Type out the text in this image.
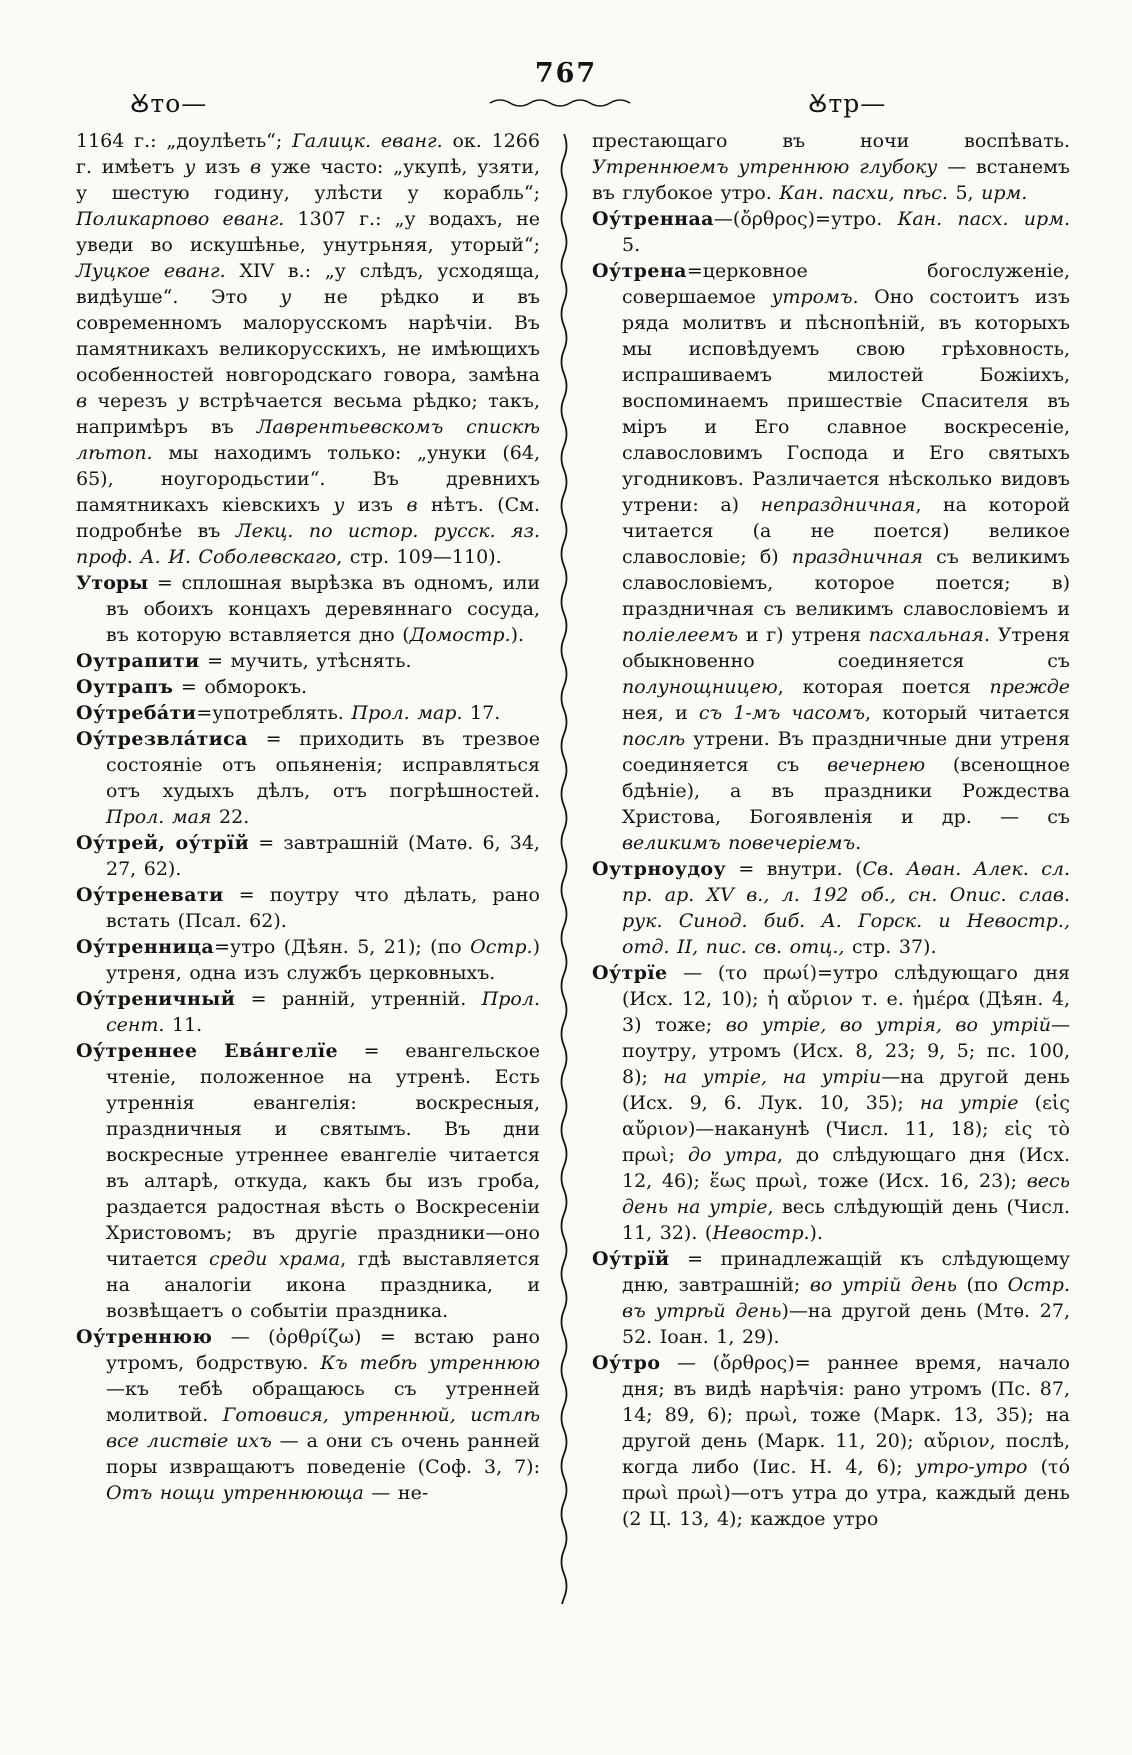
767
Ꙋто—	Ꙋтр—

1164 г.: „доулѣеть“; Галицк. еванг. ок. 1266 г. имѣетъ у изъ в уже часто: „укупѣ, узяти, у шестую годину, улѣсти у корабль“; Поликарпово еванг. 1307 г.: „у водахъ, не уведи во искушѣнье, унутрьняя, уторый“; Луцкое еванг. XIV в.: „у слѣдъ, усходяща, видѣуше“. Это у не рѣдко и въ современномъ малорусскомъ нарѣчіи. Въ памятникахъ великорусскихъ, не имѣющихъ особенностей новгородскаго говора, замѣна в черезъ у встрѣчается весьма рѣдко; такъ, напримѣръ въ Лаврентьевскомъ спискѣ лѣтоп. мы находимъ только: „унуки (64, 65), ноугородьстии“. Въ древнихъ памятникахъ кіевскихъ у изъ в нѣтъ. (См. подробнѣе въ Лекц. по истор. русск. яз. проф. А. И. Соболевскаго, стр. 109—110).

Уторы = сплошная вырѣзка въ одномъ, или въ обоихъ концахъ деревяннаго сосуда, въ которую вставляется дно (Домостр.).

Оутрапити = мучить, утѣснять.

Оутрапъ = обморокъ.

Оу́треба́ти=употреблять. Прол. мар. 17.

Оу́трезвла́тиса = приходить въ трезвое состояніе отъ опьяненія; исправляться отъ худыхъ дѣлъ, отъ погрѣшностей. Прол. мая 22.

Оу́трей, оу́трїй = завтрашній (Матѳ. 6, 34, 27, 62).

Оу́треневати = поутру что дѣлать, рано встать (Псал. 62).

Оу́тренница=утро (Дѣян. 5, 21); (по Остр.) утреня, одна изъ службъ церковныхъ.

Оу́треничный = ранній, утренній. Прол. сент. 11.

Оу́треннее Ева́нгелїе = евангельское чтеніе, положенное на утренѣ. Есть утреннія евангелія: воскресныя, праздничныя и святымъ. Въ дни воскресные утреннее евангеліе читается въ алтарѣ, откуда, какъ бы изъ гроба, раздается радостная вѣсть о Воскресеніи Христовомъ; въ другіе праздники—оно читается среди храма, гдѣ выставляется на аналогіи икона праздника, и возвѣщаетъ о событіи праздника.

Оу́треннюю — (ὀρθρίζω) = встаю рано утромъ, бодрствую. Къ тебѣ утреннюю—къ тебѣ обращаюсь съ утренней молитвой. Готовися, утреннюй, истлѣ все листвіе ихъ — а они съ очень ранней поры извращаютъ поведеніе (Соф. 3, 7): Отъ нощи утреннююща — не-

престающаго въ ночи воспѣвать. Утреннюемъ утреннюю глубоку — встанемъ въ глубокое утро. Кан. пасхи, пѣс. 5, ирм.

Оу́треннаа—(ὄρθρος)=утро. Кан. пасх. ирм. 5.

Оу́трена=церковное богослуженіе, совершаемое утромъ. Оно состоитъ изъ ряда молитвъ и пѣснопѣній, въ которыхъ мы исповѣдуемъ свою грѣховность, испрашиваемъ милостей Божіихъ, воспоминаемъ пришествіе Спасителя въ міръ и Его славное воскресеніе, славословимъ Господа и Его святыхъ угодниковъ. Различается нѣсколько видовъ утрени: а) непраздничная, на которой читается (а не поется) великое славословіе; б) праздничная съ великимъ славословіемъ, которое поется; в) праздничная съ великимъ славословіемъ и поліелеемъ и г) утреня пасхальная. Утреня обыкновенно соединяется съ полунощницею, которая поется прежде нея, и съ 1-мъ часомъ, который читается послѣ утрени. Въ праздничные дни утреня соединяется съ вечернею (всенощное бдѣніе), а въ праздники Рождества Христова, Богоявленія и др. — съ великимъ повечеріемъ.

Оутрноудоу = внутри. (Св. Аѳан. Алек. сл. пр. ар. XV в., л. 192 об., сн. Опис. слав. рук. Синод. биб. А. Горск. и Невостр., отд. II, пис. св. отц., стр. 37).

Оу́трїе — (το πρωί)=утро слѣдующаго дня (Исх. 12, 10); ἡ αὔριον т. е. ἡμέρα (Дѣян. 4, 3) тоже; во утріе, во утрія, во утрій—поутру, утромъ (Исх. 8, 23; 9, 5; пс. 100, 8); на утріе, на утріи—на другой день (Исх. 9, 6. Лук. 10, 35); на утріе (εἰς αὔριον)—наканунѣ (Числ. 11, 18); εἰς τὸ πρωὶ; до утра, до слѣдующаго дня (Исх. 12, 46); ἕως πρωὶ, тоже (Исх. 16, 23); весь день на утріе, весь слѣдующій день (Числ. 11, 32). (Невостр.).

Оу́трїй = принадлежащій къ слѣдующему дню, завтрашній; во утрій день (по Остр. въ утрѣй день)—на другой день (Мтѳ. 27, 52. Іоан. 1, 29).

Оу́тро — (ὄρθρος)= раннее время, начало дня; въ видѣ нарѣчія: рано утромъ (Пс. 87, 14; 89, 6); πρωὶ, тоже (Марк. 13, 35); на другой день (Марк. 11, 20); αὔριον, послѣ, когда либо (Іис. Н. 4, 6); утро-утро (τό πρωὶ πρωὶ)—отъ утра до утра, каждый день (2 Ц. 13, 4); каждое утро
